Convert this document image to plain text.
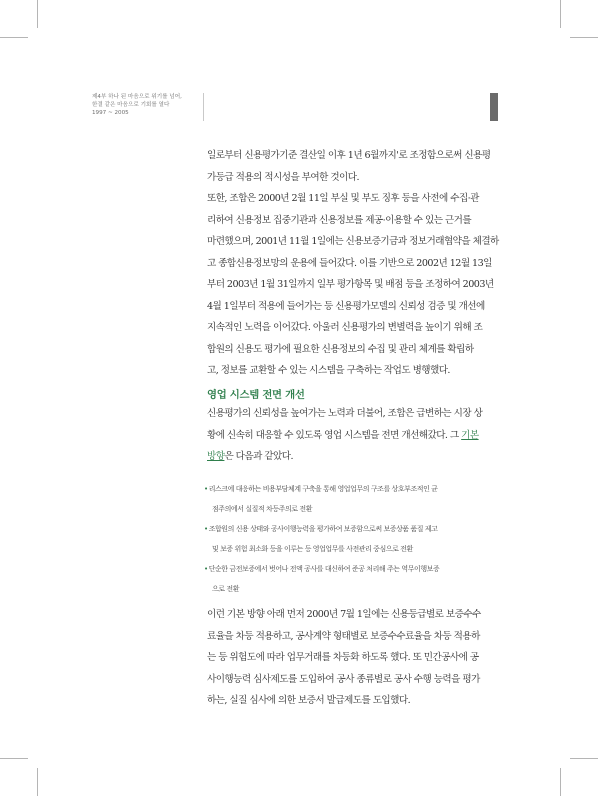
제4부 하나 된 마음으로 위기를 넘어,
한결 같은 마음으로 기회를 열다
1997 ~ 2005
일로부터 신용평가기준 결산일 이후 1년 6월까지'로 조정함으로써 신용평
가등급 적용의 적시성을 부여한 것이다.
또한, 조합은 2000년 2월 11일 부실 및 부도 징후 등을 사전에 수집·관
리하여 신용정보 집중기관과 신용정보를 제공·이용할 수 있는 근거를
마련했으며, 2001년 11월 1일에는 신용보증기금과 정보거래협약을 체결하
고 종합신용정보망의 운용에 들어갔다. 이를 기반으로 2002년 12월 13일
부터 2003년 1월 31일까지 일부 평가항목 및 배점 등을 조정하여 2003년
4월 1일부터 적용에 들어가는 등 신용평가모델의 신뢰성 검증 및 개선에
지속적인 노력을 이어갔다. 아울러 신용평가의 변별력을 높이기 위해 조
합원의 신용도 평가에 필요한 신용정보의 수집 및 관리 체계를 확립하
고, 정보를 교환할 수 있는 시스템을 구축하는 작업도 병행했다.
영업 시스템 전면 개선
신용평가의 신뢰성을 높여가는 노력과 더불어, 조합은 급변하는 시장 상
황에 신속히 대응할 수 있도록 영업 시스템을 전면 개선해갔다. 그 기본
방향은 다음과 같았다.
•리스크에 대응하는 비용부담체계 구축을 통해 영업업무의 구조를 상호부조적인 균
점주의에서 실질적 차등주의로 전환
•조합원의 신용 상태와 공사이행능력을 평가하여 보증함으로써 보증상품 품질 제고
및 보증 위험 최소화 등을 이루는 등 영업업무를 사전관리 중심으로 전환
•단순한 금전보증에서 벗어나 전액 공사를 대신하여 준공 처리해 주는 역무이행보증
으로 전환
이런 기본 방향 아래 먼저 2000년 7월 1일에는 신용등급별로 보증수수
료율을 차등 적용하고, 공사계약 형태별로 보증수수료율을 차등 적용하
는 등 위험도에 따라 업무거래를 차등화 하도록 했다. 또 민간공사에 공
사이행능력 심사제도를 도입하여 공사 종류별로 공사 수행 능력을 평가
하는, 실질 심사에 의한 보증서 발급제도를 도입했다.
